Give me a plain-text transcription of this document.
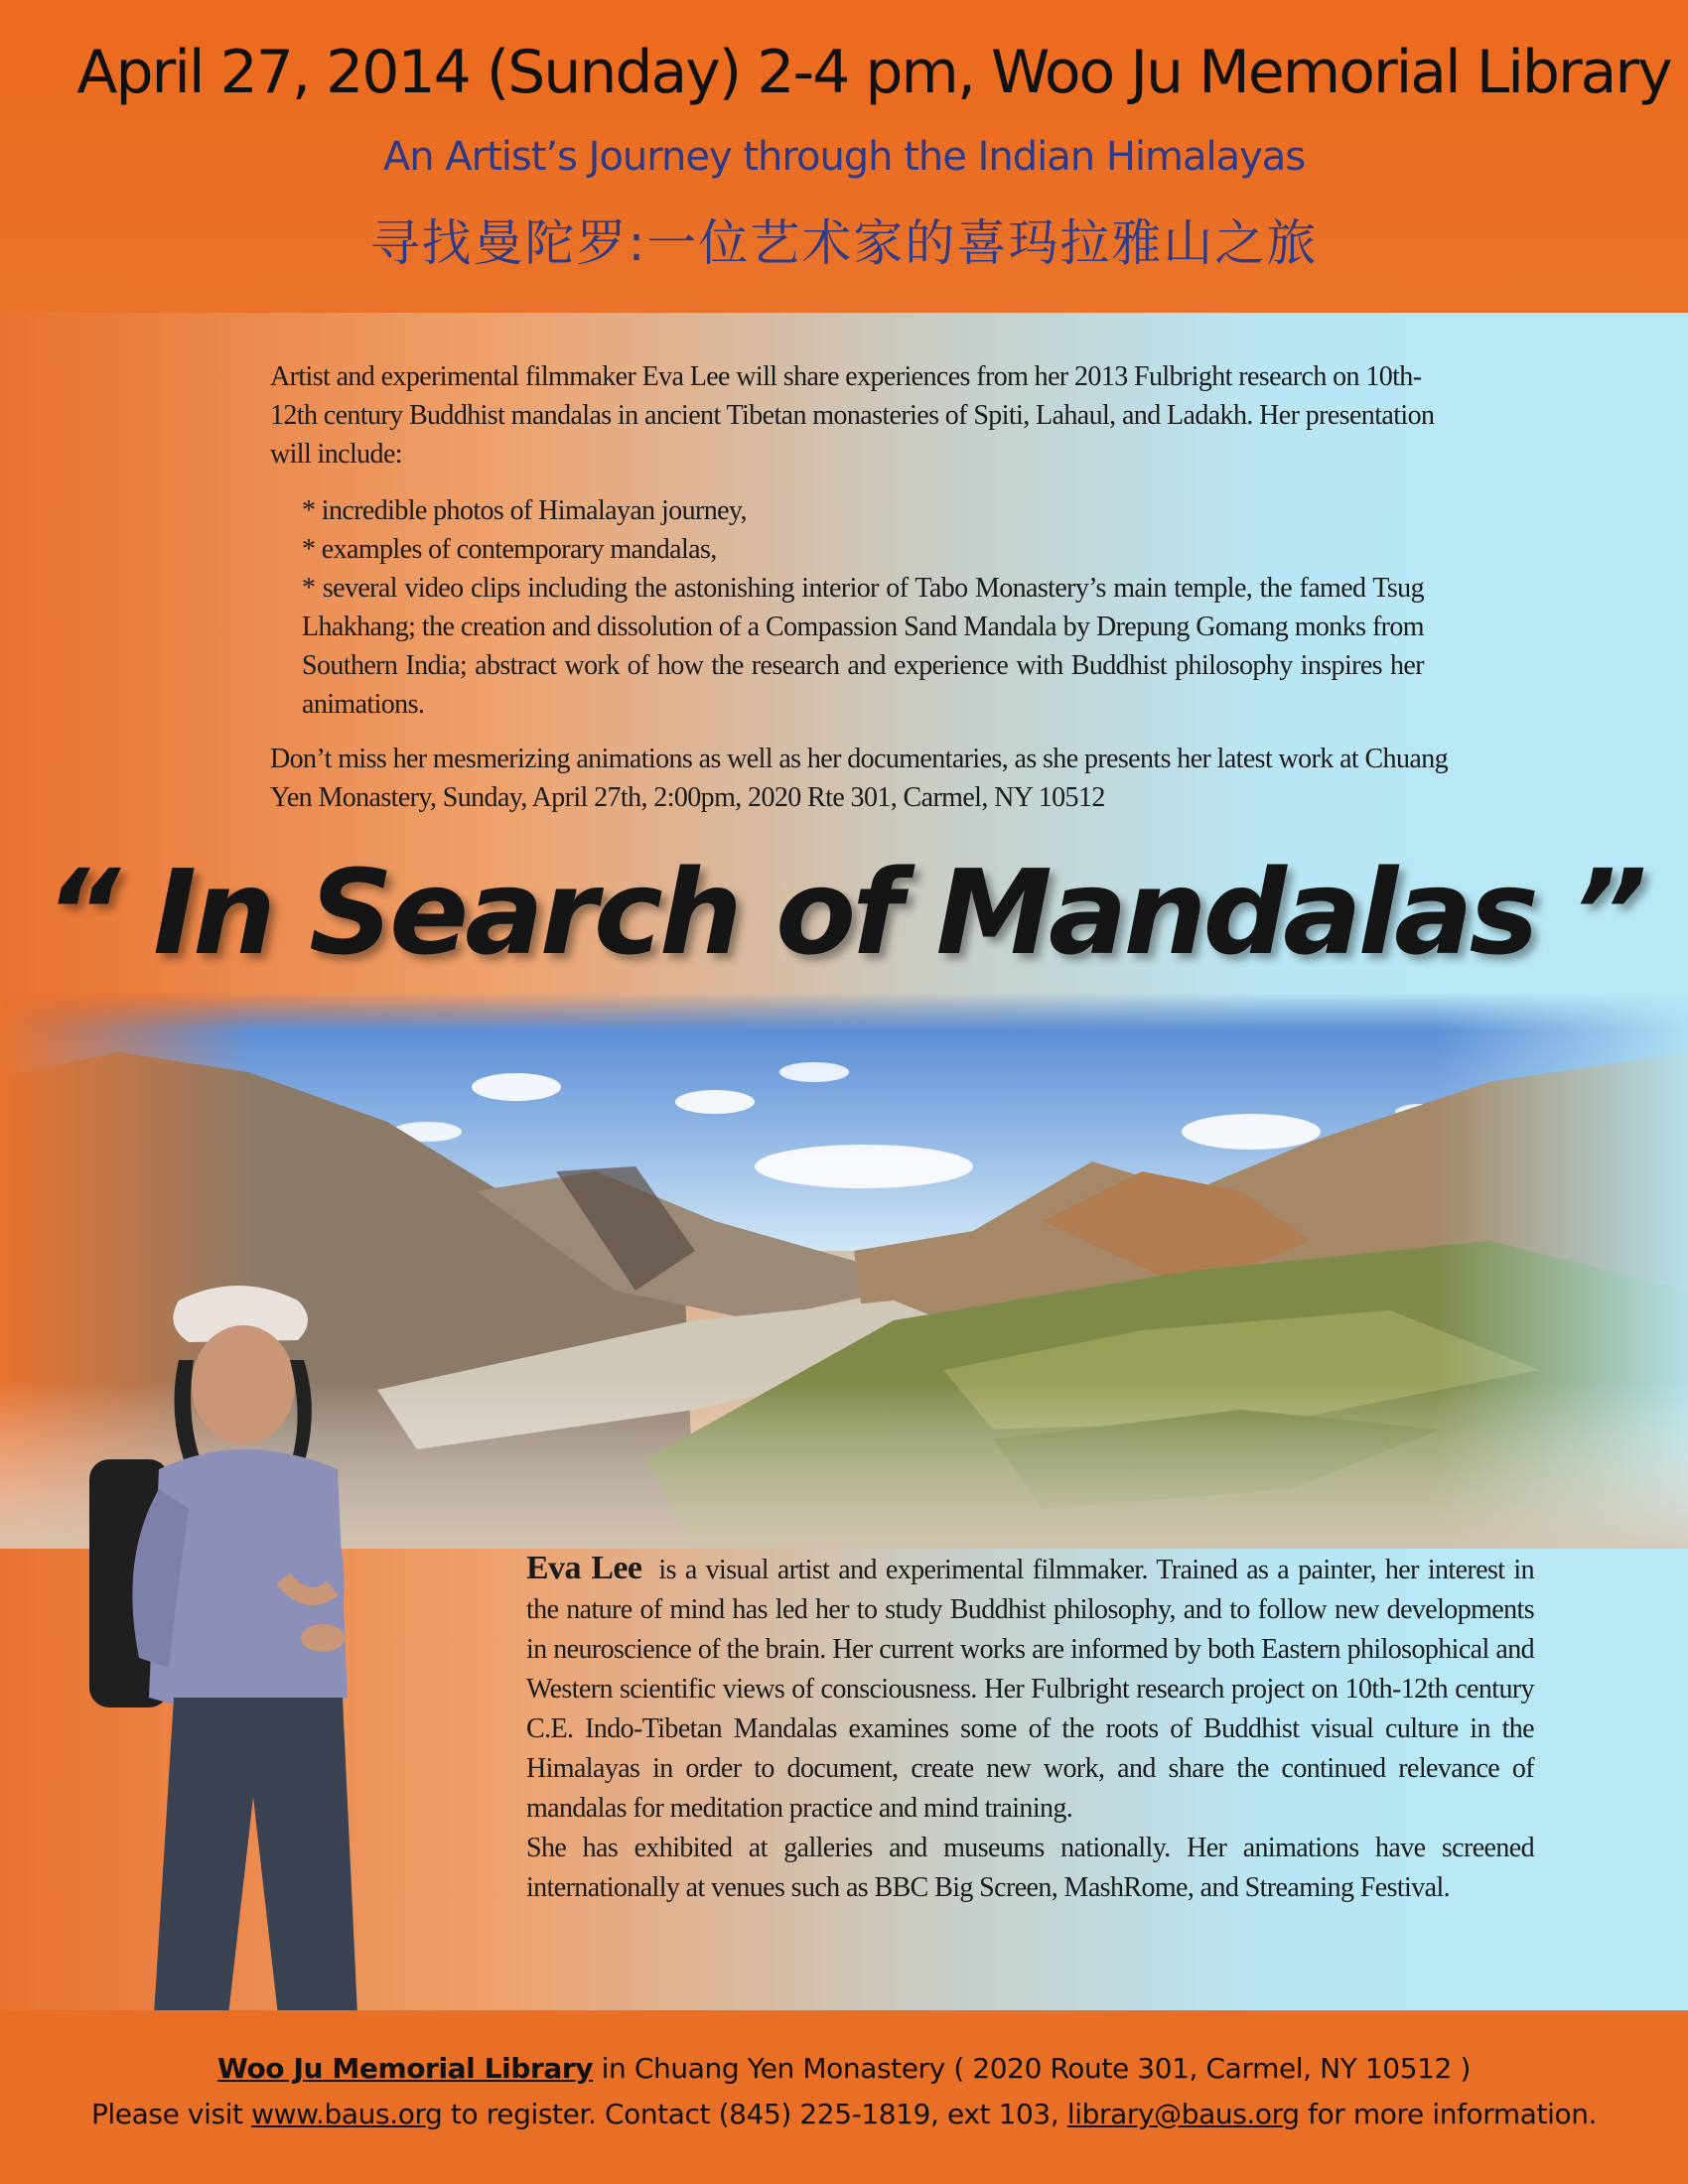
April 27, 2014 (Sunday) 2-4 pm, Woo Ju Memorial Library
An Artist’s Journey through the Indian Himalayas
寻找曼陀罗:一位艺术家的喜玛拉雅山之旅

Artist and experimental filmmaker Eva Lee will share experiences from her 2013 Fulbright research on 10th-12th century Buddhist mandalas in ancient Tibetan monasteries of Spiti, Lahaul, and Ladakh. Her presentation will include:

* incredible photos of Himalayan journey,
* examples of contemporary mandalas,
* several video clips including the astonishing interior of Tabo Monastery’s main temple, the famed Tsug Lhakhang; the creation and dissolution of a Compassion Sand Mandala by Drepung Gomang monks from Southern India; abstract work of how the research and experience with Buddhist philosophy inspires her animations.

Don’t miss her mesmerizing animations as well as her documentaries, as she presents her latest work at Chuang Yen Monastery, Sunday, April 27th, 2:00pm, 2020 Rte 301, Carmel, NY 10512

“ In Search of Mandalas ”

Eva Lee is a visual artist and experimental filmmaker. Trained as a painter, her interest in the nature of mind has led her to study Buddhist philosophy, and to follow new developments in neuroscience of the brain. Her current works are informed by both Eastern philosophical and Western scientific views of consciousness. Her Fulbright research project on 10th-12th century C.E. Indo-Tibetan Mandalas examines some of the roots of Buddhist visual culture in the Himalayas in order to document, create new work, and share the continued relevance of mandalas for meditation practice and mind training.

She has exhibited at galleries and museums nationally. Her animations have screened internationally at venues such as BBC Big Screen, MashRome, and Streaming Festival.

Woo Ju Memorial Library in Chuang Yen Monastery ( 2020 Route 301, Carmel, NY 10512 )
Please visit www.baus.org to register. Contact (845) 225-1819, ext 103, library@baus.org for more information.
